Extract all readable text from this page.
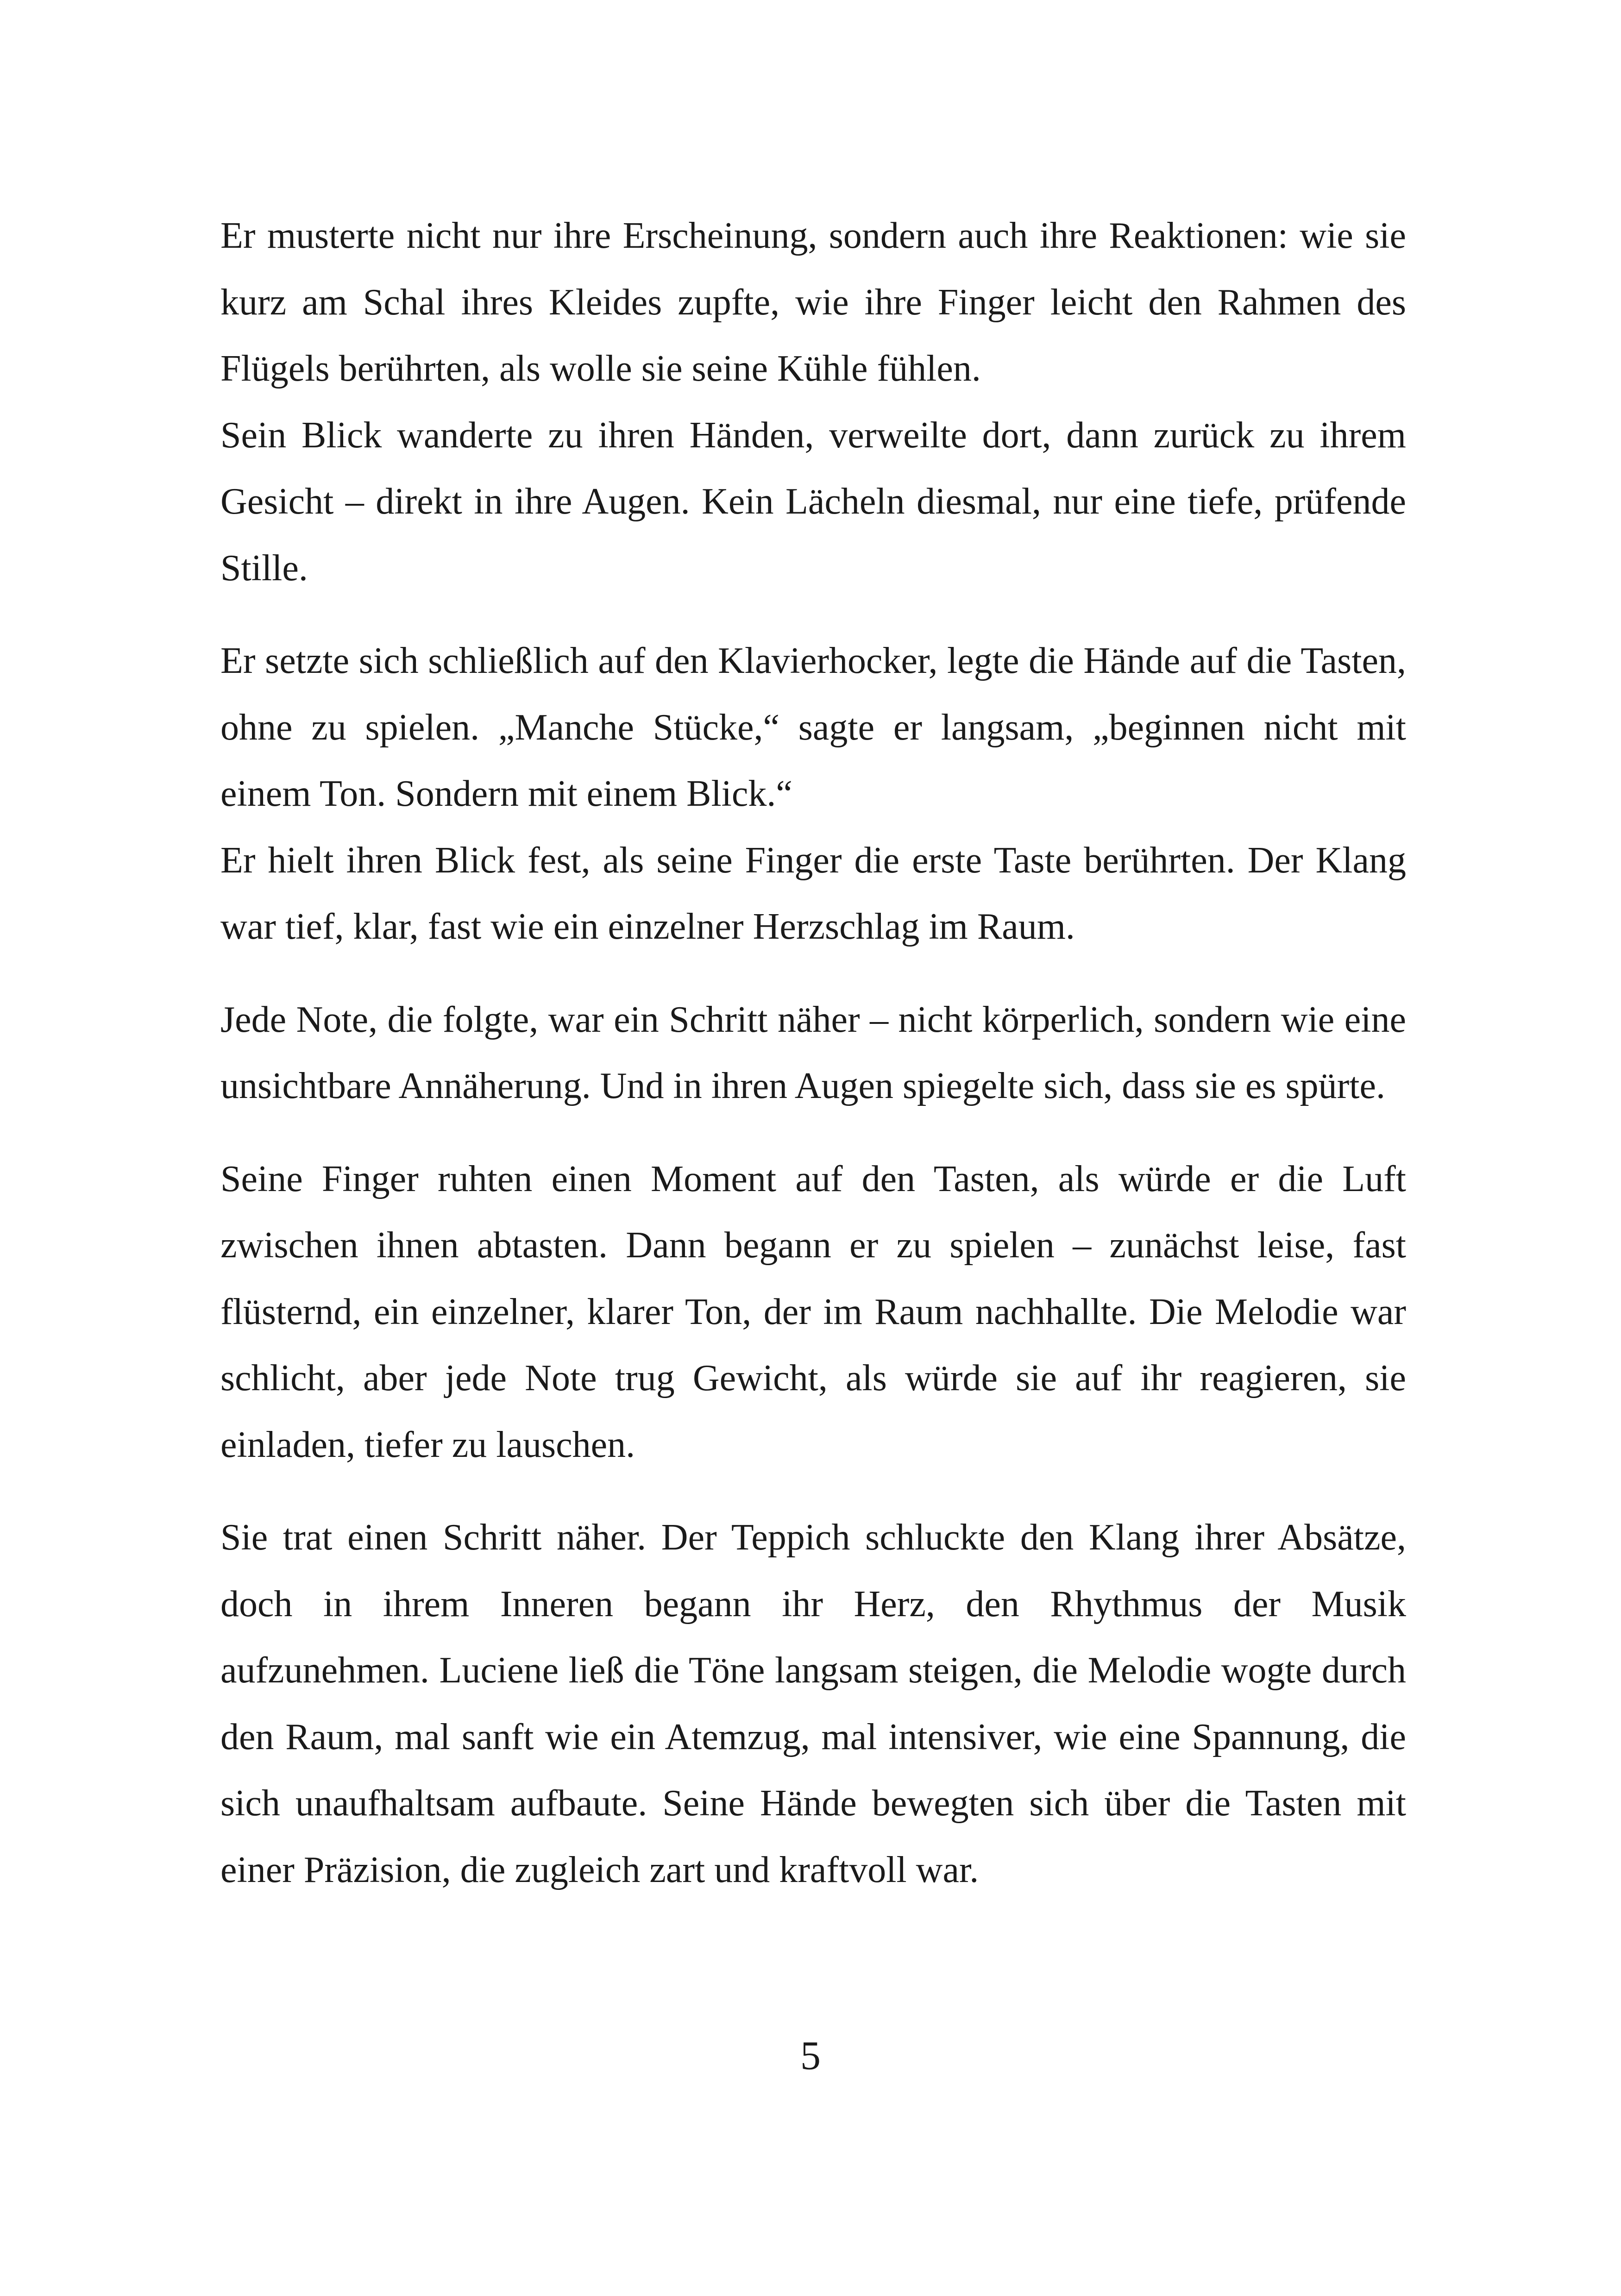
Er musterte nicht nur ihre Erscheinung, sondern auch ihre Reaktionen: wie sie kurz am Schal ihres Kleides zupfte, wie ihre Finger leicht den Rahmen des Flügels berührten, als wolle sie seine Kühle fühlen.
Sein Blick wanderte zu ihren Händen, verweilte dort, dann zurück zu ihrem Gesicht – direkt in ihre Augen. Kein Lächeln diesmal, nur eine tiefe, prüfende Stille.

Er setzte sich schließlich auf den Klavierhocker, legte die Hände auf die Tasten, ohne zu spielen. „Manche Stücke,“ sagte er langsam, „beginnen nicht mit einem Ton. Sondern mit einem Blick.“
Er hielt ihren Blick fest, als seine Finger die erste Taste berührten. Der Klang war tief, klar, fast wie ein einzelner Herzschlag im Raum.

Jede Note, die folgte, war ein Schritt näher – nicht körperlich, sondern wie eine unsichtbare Annäherung. Und in ihren Augen spiegelte sich, dass sie es spürte.

Seine Finger ruhten einen Moment auf den Tasten, als würde er die Luft zwischen ihnen abtasten. Dann begann er zu spielen – zunächst leise, fast flüsternd, ein einzelner, klarer Ton, der im Raum nachhallte. Die Melodie war schlicht, aber jede Note trug Gewicht, als würde sie auf ihr reagieren, sie einladen, tiefer zu lauschen.

Sie trat einen Schritt näher. Der Teppich schluckte den Klang ihrer Absätze, doch in ihrem Inneren begann ihr Herz, den Rhythmus der Musik aufzunehmen. Luciene ließ die Töne langsam steigen, die Melodie wogte durch den Raum, mal sanft wie ein Atemzug, mal intensiver, wie eine Spannung, die sich unaufhaltsam aufbaute. Seine Hände bewegten sich über die Tasten mit einer Präzision, die zugleich zart und kraftvoll war.

5
